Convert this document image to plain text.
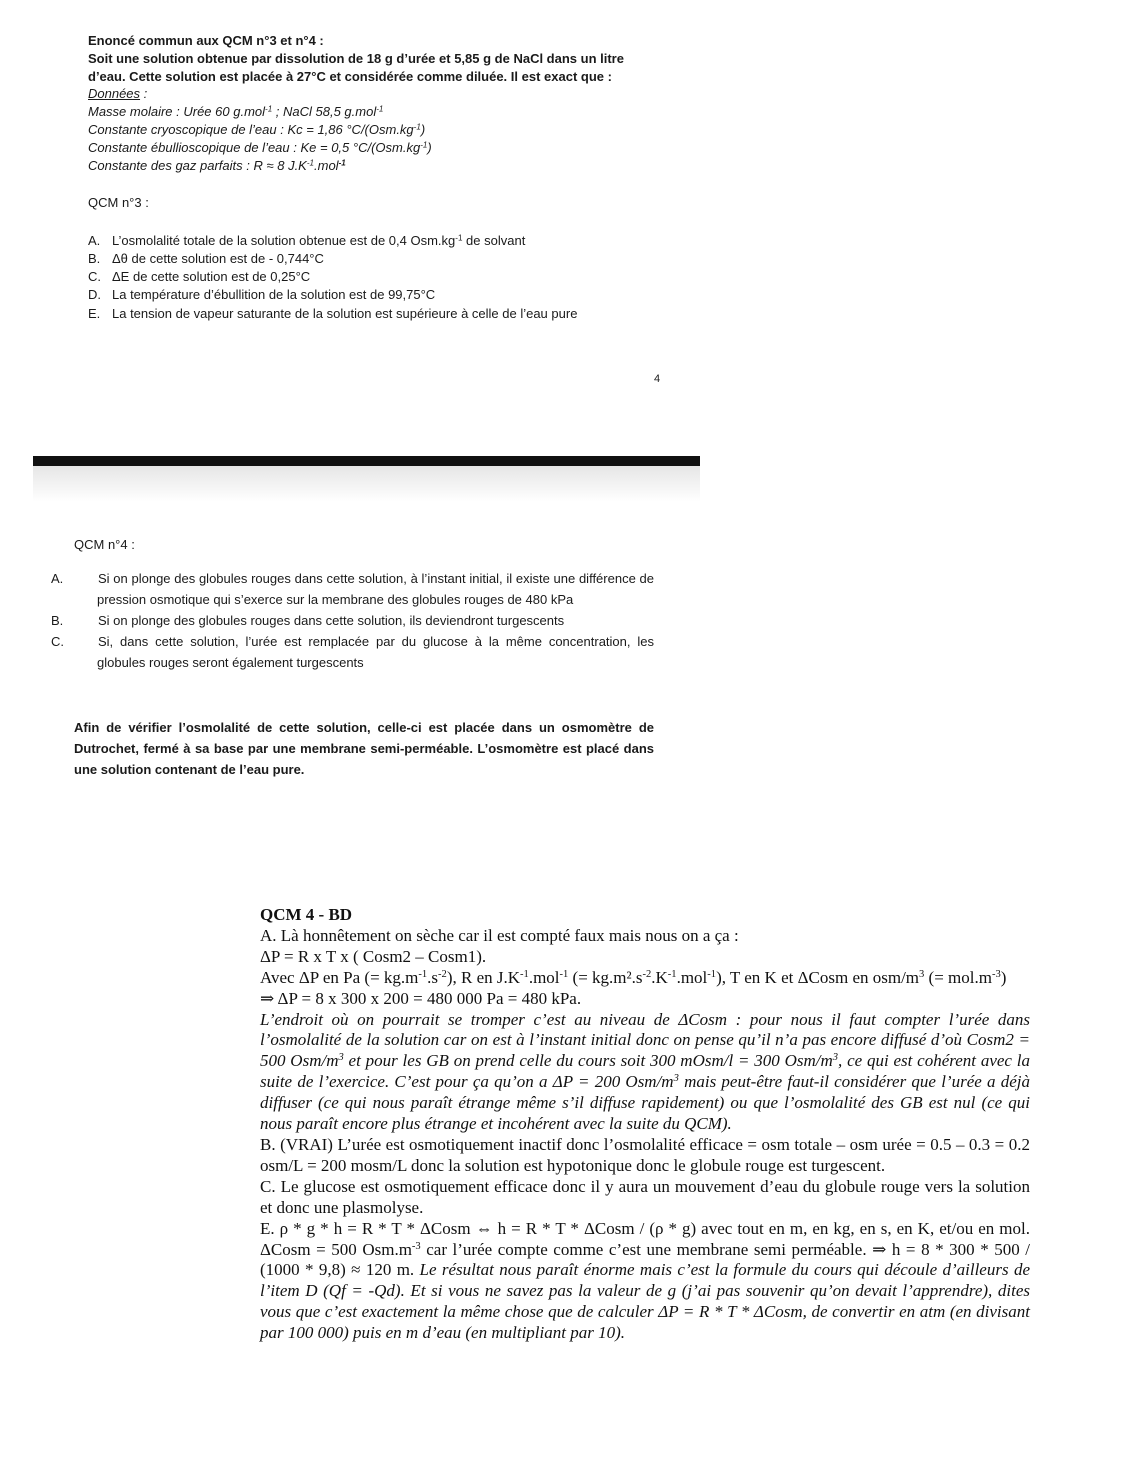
Enoncé commun aux QCM n°3 et n°4 :
Soit une solution obtenue par dissolution de 18 g d’urée et 5,85 g de NaCl dans un litre
d’eau. Cette solution est placée à 27°C et considérée comme diluée. Il est exact que :
Données :
Masse molaire : Urée 60 g.mol$^{-1}$ ; NaCl 58,5 g.mol$^{-1}$
Constante cryoscopique de l’eau : Kc = 1,86 $^\circ C/(Osm.kg^{-1})$
Constante ébullioscopique de l’eau : Ke = 0,5 $^\circ C/(Osm.kg^{-1})$
Constante des gaz parfaits : R ≈ 8 $J.K^{-1}.mol^{-1}$
QCM n°3 :
A. L’osmolalité totale de la solution obtenue est de 0,4 $Osm.kg^{-1}$ de solvant
B. Δθ de cette solution est de - 0,744°C
C. ΔE de cette solution est de 0,25°C
D. La température d’ébullition de la solution est de 99,75°C
E. La tension de vapeur saturante de la solution est supérieure à celle de l’eau pure
4
QCM n°4 :
A.	Si on plonge des globules rouges dans cette solution, à l’instant initial, il existe une différence de pression osmotique qui s’exerce sur la membrane des globules rouges de 480 kPa
B.	Si on plonge des globules rouges dans cette solution, ils deviendront turgescents
C.	Si, dans cette solution, l’urée est remplacée par du glucose à la même concentration, les globules rouges seront également turgescents
Afin de vérifier l’osmolalité de cette solution, celle-ci est placée dans un osmomètre de Dutrochet, fermé à sa base par une membrane semi-perméable. L’osmomètre est placé dans une solution contenant de l’eau pure.

QCM 4 - BD

A. Là honnêtement on sèche car il est compté faux mais nous on a ça :

ΔP = R x T x ( Cosm2 – Cosm1).

Avec ΔP en Pa (= $kg.m^{-1}.s^{-2}$), R en $J.K^{-1}.mol^{-1}$ (= $kg.m^2.s^{-2}.K^{-1}.mol^{-1}$), T en K et ΔCosm en osm/$m^3$ (= $mol.m^{-3}$)

⇒ ΔP = 8 x 300 x 200 = 480 000 Pa = 480 kPa.

L’endroit où on pourrait se tromper c’est au niveau de ΔCosm : pour nous il faut compter l’urée dans l’osmolalité de la solution car on est à l’instant initial donc on pense qu’il n’a pas encore diffusé d’où Cosm2 = 500 Osm/$m^3$ et pour les GB on prend celle du cours soit 300 mOsm/l = 300 Osm/$m^3$, ce qui est cohérent avec la suite de l’exercice. C’est pour ça qu’on a ΔP = 200 Osm/$m^3$ mais peut-être faut-il considérer que l’urée a déjà diffuser (ce qui nous paraît étrange même s’il diffuse rapidement) ou que l’osmolalité des GB est nul (ce qui nous paraît encore plus étrange et incohérent avec la suite du QCM).

B. (VRAI) L’urée est osmotiquement inactif donc l’osmolalité efficace = osm totale – osm urée = 0.5 – 0.3 = 0.2 osm/L = 200 mosm/L donc la solution est hypotonique donc le globule rouge est turgescent.

C. Le glucose est osmotiquement efficace donc il y aura un mouvement d’eau du globule rouge vers la solution et donc une plasmolyse.

E. ρ * g * h = R * T * ΔCosm ⇔ h = R * T * ΔCosm / (ρ * g) avec tout en m, en kg, en s, en K, et/ou en mol. ΔCosm = 500 $Osm.m^{-3}$ car l’urée compte comme c’est une membrane semi perméable. ⇒ h = 8 * 300 * 500 / (1000 * 9,8) ≈ 120 m. Le résultat nous paraît énorme mais c’est la formule du cours qui découle d’ailleurs de l’item D (Qf = -Qd). Et si vous ne savez pas la valeur de g (j’ai pas souvenir qu’on devait l’apprendre), dites vous que c’est exactement la même chose que de calculer ΔP = R * T * ΔCosm, de convertir en atm (en divisant par 100 000) puis en m d’eau (en multipliant par 10).
